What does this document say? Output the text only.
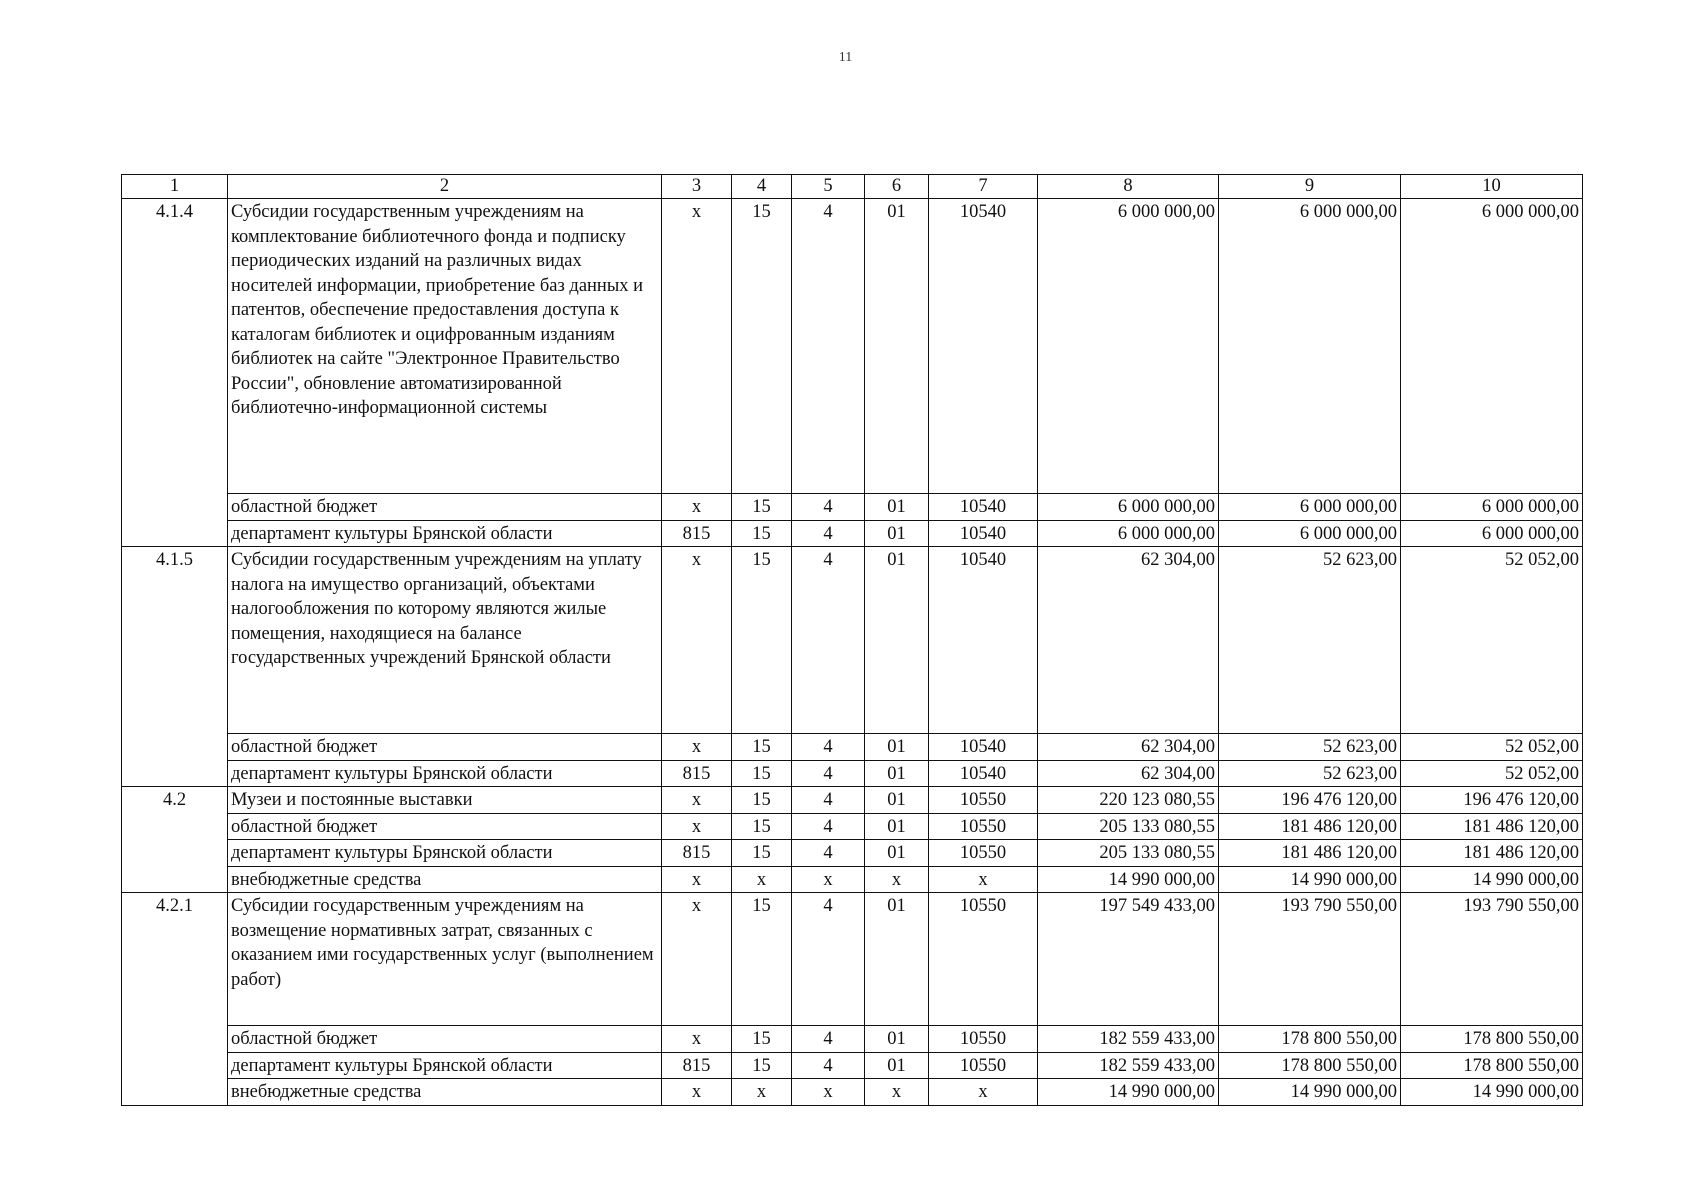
11
1	2	3	4	5	6	7	8	9	10
4.1.4	Субсидии государственным учреждениям на комплектование библиотечного фонда и подписку периодических изданий на различных видах носителей информации, приобретение баз данных и патентов, обеспечение предоставления доступа к каталогам библиотек и оцифрованным изданиям библиотек на сайте "Электронное Правительство России", обновление автоматизированной библиотечно-информационной системы	х	15	4	01	10540	6 000 000,00	6 000 000,00	6 000 000,00
	областной бюджет	х	15	4	01	10540	6 000 000,00	6 000 000,00	6 000 000,00
	департамент культуры Брянской области	815	15	4	01	10540	6 000 000,00	6 000 000,00	6 000 000,00
4.1.5	Субсидии государственным учреждениям на уплату налога на имущество организаций, объектами налогообложения по которому являются жилые помещения, находящиеся на балансе государственных учреждений Брянской области	х	15	4	01	10540	62 304,00	52 623,00	52 052,00
	областной бюджет	х	15	4	01	10540	62 304,00	52 623,00	52 052,00
	департамент культуры Брянской области	815	15	4	01	10540	62 304,00	52 623,00	52 052,00
4.2	Музеи и постоянные выставки	х	15	4	01	10550	220 123 080,55	196 476 120,00	196 476 120,00
	областной бюджет	х	15	4	01	10550	205 133 080,55	181 486 120,00	181 486 120,00
	департамент культуры Брянской области	815	15	4	01	10550	205 133 080,55	181 486 120,00	181 486 120,00
	внебюджетные средства	х	х	х	х	х	14 990 000,00	14 990 000,00	14 990 000,00
4.2.1	Субсидии государственным учреждениям на возмещение нормативных затрат, связанных с оказанием ими государственных услуг (выполнением работ)	х	15	4	01	10550	197 549 433,00	193 790 550,00	193 790 550,00
	областной бюджет	х	15	4	01	10550	182 559 433,00	178 800 550,00	178 800 550,00
	департамент культуры Брянской области	815	15	4	01	10550	182 559 433,00	178 800 550,00	178 800 550,00
	внебюджетные средства	х	х	х	х	х	14 990 000,00	14 990 000,00	14 990 000,00
